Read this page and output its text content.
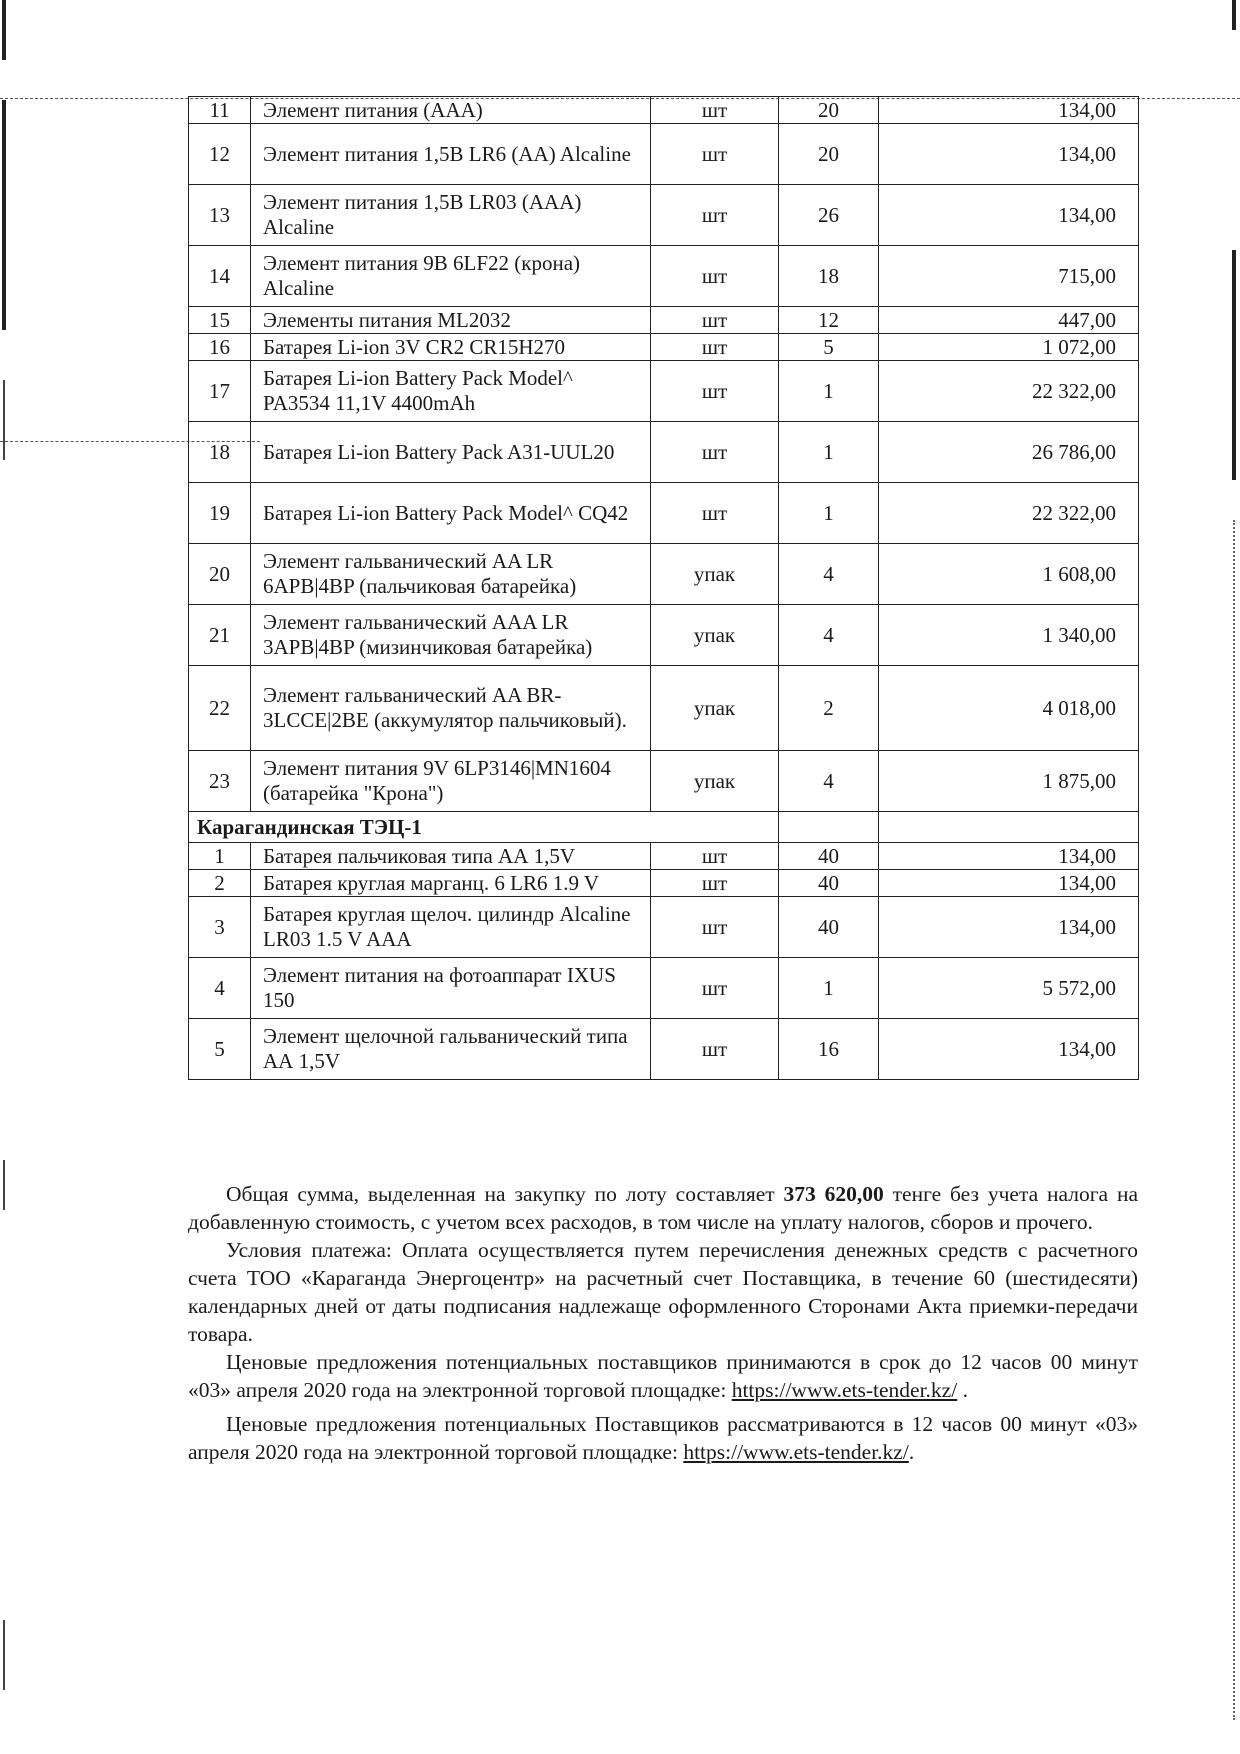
11	Элемент питания (ААА)	шт	20	134,00
12	Элемент питания 1,5В LR6 (АА) Alcaline	шт	20	134,00
13	Элемент питания 1,5В LR03 (ААА) Alcaline	шт	26	134,00
14	Элемент питания 9В 6LF22 (крона) Alcaline	шт	18	715,00
15	Элементы питания ML2032	шт	12	447,00
16	Батарея Li-ion 3V CR2 CR15H270	шт	5	1 072,00
17	Батарея Li-ion Battery Pack Model^ PA3534 11,1V 4400mAh	шт	1	22 322,00
18	Батарея Li-ion Battery Pack A31-UUL20	шт	1	26 786,00
19	Батарея Li-ion Battery Pack Model^ CQ42	шт	1	22 322,00
20	Элемент гальванический AA LR 6APB|4BP (пальчиковая батарейка)	упак	4	1 608,00
21	Элемент гальванический AAA LR 3APB|4BP (мизинчиковая батарейка)	упак	4	1 340,00
22	Элемент гальванический AA BR-3LCCE|2BE (аккумулятор пальчиковый).	упак	2	4 018,00
23	Элемент питания 9V 6LP3146|MN1604 (батарейка "Крона")	упак	4	1 875,00
Карагандинская ТЭЦ-1				
1	Батарея пальчиковая типа АА 1,5V	шт	40	134,00
2	Батарея круглая марганц. 6 LR6 1.9 V	шт	40	134,00
3	Батарея круглая щелоч. цилиндр Alcaline LR03 1.5 V AAA	шт	40	134,00
4	Элемент питания на фотоаппарат IXUS 150	шт	1	5 572,00
5	Элемент щелочной гальванический типа АА 1,5V	шт	16	134,00

Общая сумма, выделенная на закупку по лоту составляет 373 620,00 тенге без учета налога на добавленную стоимость, с учетом всех расходов, в том числе на уплату налогов, сборов и прочего.

Условия платежа: Оплата осуществляется путем перечисления денежных средств с расчетного счета ТОО «Караганда Энергоцентр» на расчетный счет Поставщика, в течение 60 (шестидесяти) календарных дней от даты подписания надлежаще оформленного Сторонами Акта приемки-передачи товара.

Ценовые предложения потенциальных поставщиков принимаются в срок до 12 часов 00 минут «03» апреля 2020 года на электронной торговой площадке: https://www.ets-tender.kz/ .

Ценовые предложения потенциальных Поставщиков рассматриваются в 12 часов 00 минут «03» апреля 2020 года на электронной торговой площадке: https://www.ets-tender.kz/.
